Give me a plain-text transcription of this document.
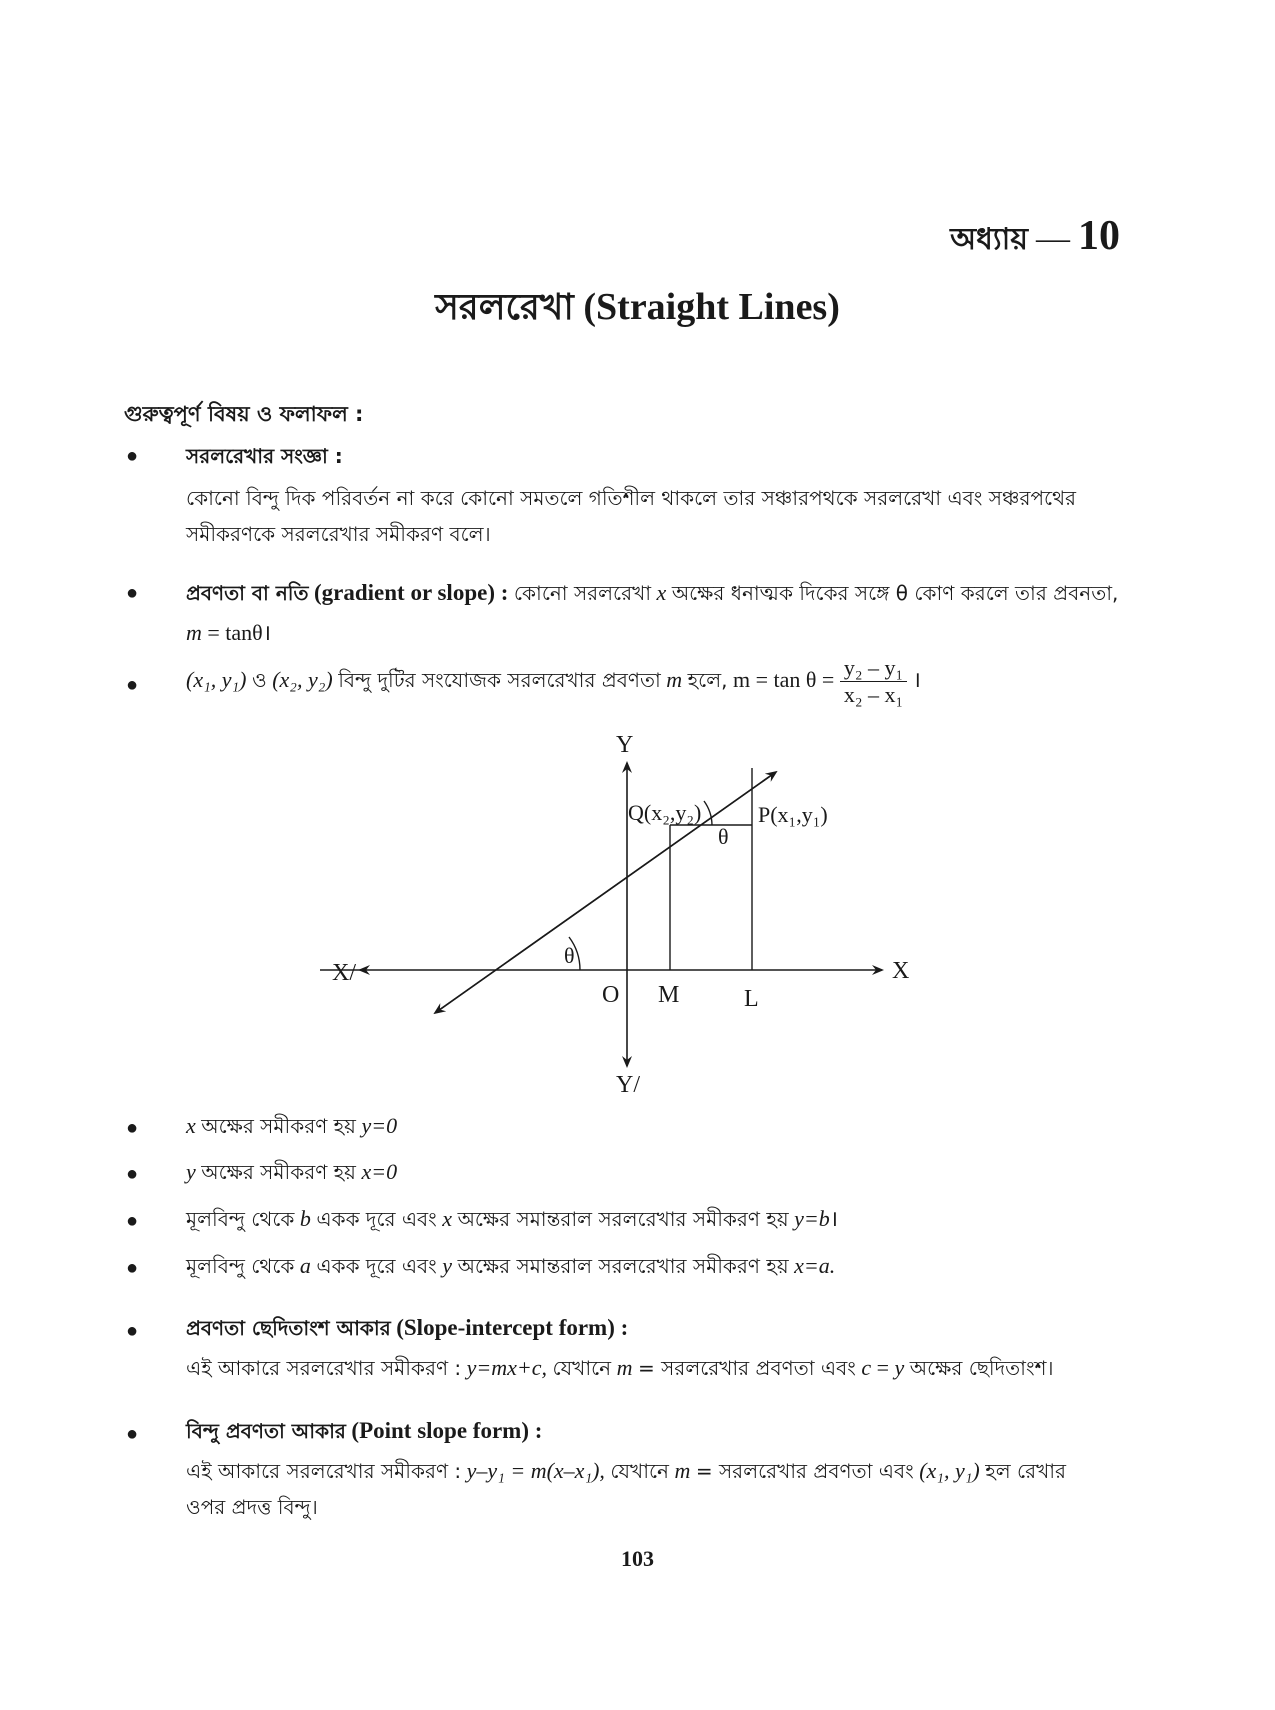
অধ্যায় — 10
সরলরেখা (Straight Lines)
গুরুত্বপূর্ণ বিষয় ও ফলাফল :
● সরলরেখার সংজ্ঞা :
কোনো বিন্দু দিক পরিবর্তন না করে কোনো সমতলে গতিশীল থাকলে তার সঞ্চারপথকে সরলরেখা এবং সঞ্চরপথের সমীকরণকে সরলরেখার সমীকরণ বলে।
● প্রবণতা বা নতি (gradient or slope) : কোনো সরলরেখা x অক্ষের ধনাত্মক দিকের সঙ্গে θ কোণ করলে তার প্রবনতা, m = tanθ।
● (x₁, y₁) ও (x₂, y₂) বিন্দু দুটির সংযোজক সরলরেখার প্রবণতা m হলে, $m = \tan \theta = \frac{\text{y₂ – y₁}}{\text{x₂ – x₁}}$ ।
Y
Y/
X
X/
O M	L
Q(x₂,y₂)	P(x₁,y₁)
θ
θ
● x অক্ষের সমীকরণ হয় y=0
● y অক্ষের সমীকরণ হয় x=0
● মূলবিন্দু থেকে b একক দূরে এবং x অক্ষের সমান্তরাল সরলরেখার সমীকরণ হয় y=b।
● মূলবিন্দু থেকে a একক দূরে এবং y অক্ষের সমান্তরাল সরলরেখার সমীকরণ হয় x=a.
● প্রবণতা ছেদিতাংশ আকার (Slope-intercept form) :
এই আকারে সরলরেখার সমীকরণ : y=mx+c, যেখানে m = সরলরেখার প্রবণতা এবং c = y অক্ষের ছেদিতাংশ।
● বিন্দু প্রবণতা আকার (Point slope form) :
এই আকারে সরলরেখার সমীকরণ : y–y₁ = m(x–x₁), যেখানে m = সরলরেখার প্রবণতা এবং (x₁, y₁) হল রেখার
ওপর প্রদত্ত বিন্দু।
103
